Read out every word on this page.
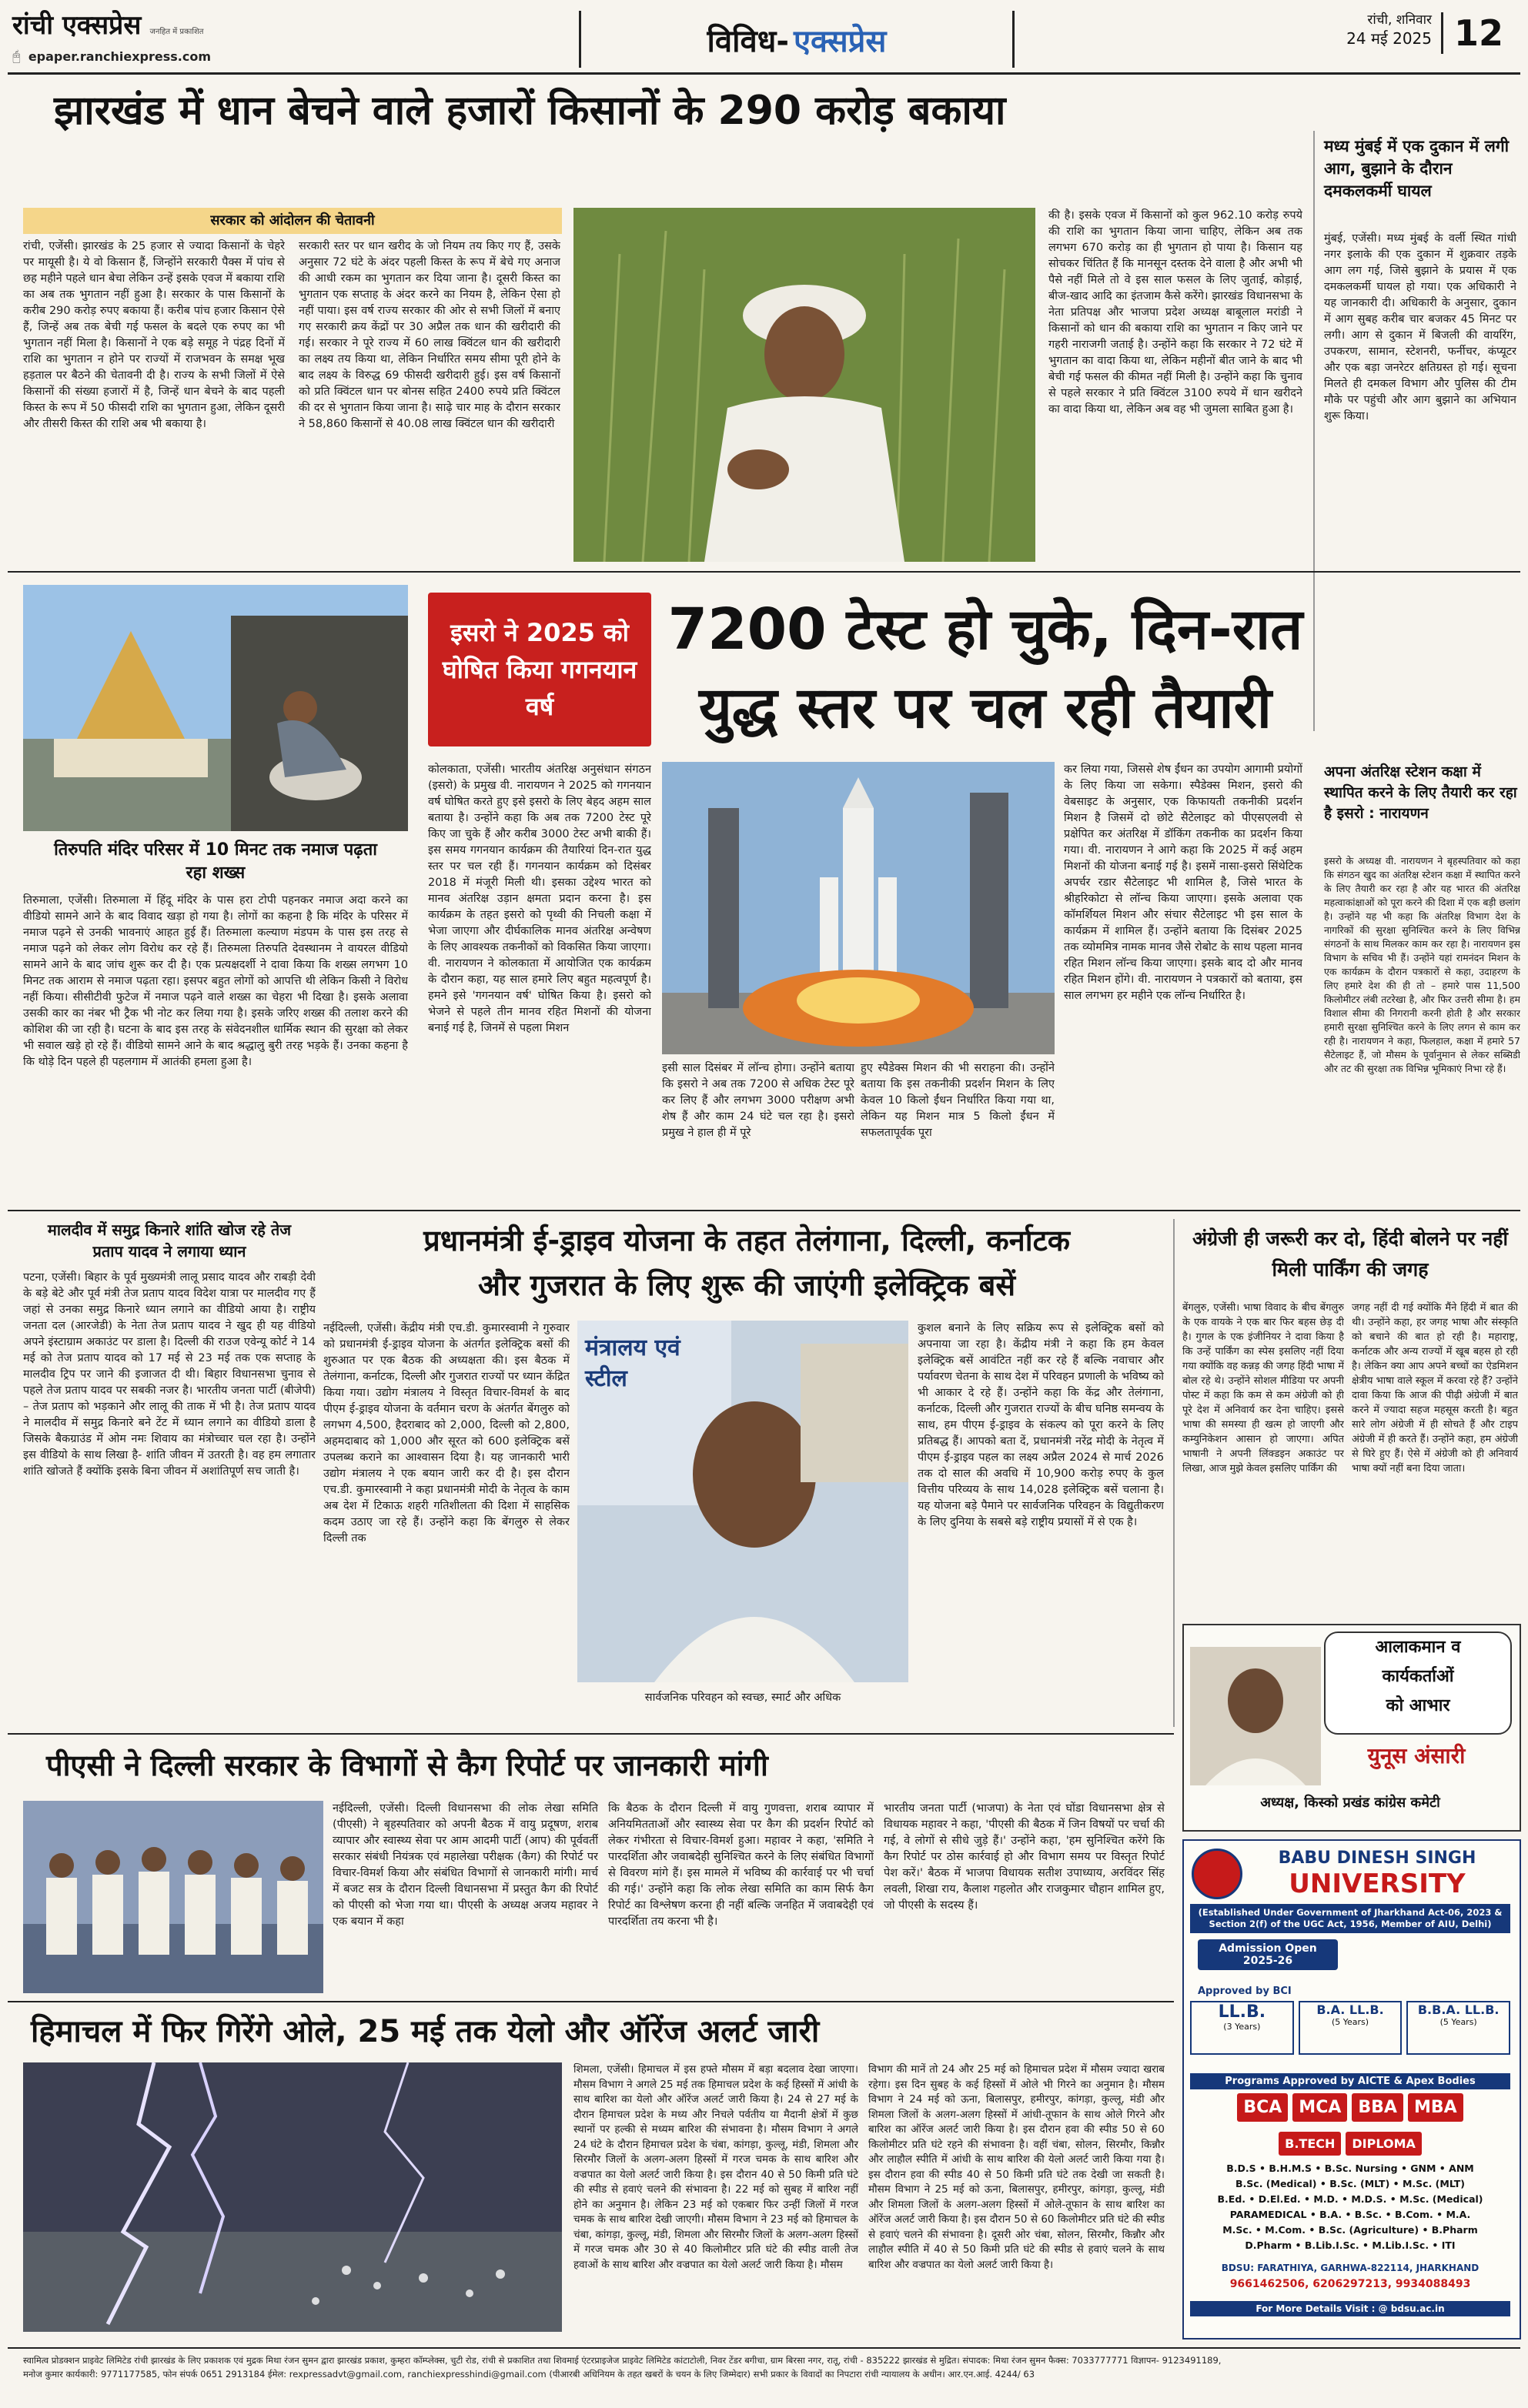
रांची एक्सप्रेस जनहित में प्रकाशित
🖰 epaper.ranchiexpress.com	विविध- एक्सप्रेस
रांची, शनिवार
24 मई 2025 12
झारखंड में धान बेचने वाले हजारों किसानों के 290 करोड़ बकाया
सरकार को आंदोलन की चेतावनी
रांची, एजेंसी। झारखंड के 25 हजार से ज्यादा किसानों के चेहरे पर मायूसी है। ये वो किसान हैं, जिन्होंने सरकारी पैक्स में पांच से छह महीने पहले धान बेचा लेकिन उन्हें इसके एवज में बकाया राशि का अब तक भुगतान नहीं हुआ है। सरकार के पास किसानों के करीब 290 करोड़ रुपए बकाया हैं। करीब पांच हजार किसान ऐसे हैं, जिन्हें अब तक बेची गई फसल के बदले एक रुपए का भी भुगतान नहीं मिला है। किसानों ने एक बड़े समूह ने पंद्रह दिनों में राशि का भुगतान न होने पर राज्यों में राजभवन के समक्ष भूख हड़ताल पर बैठने की चेतावनी दी है। राज्य के सभी जिलों में ऐसे किसानों की संख्या हजारों में है, जिन्हें धान बेचने के बाद पहली किस्त के रूप में 50 फीसदी राशि का भुगतान हुआ, लेकिन दूसरी और तीसरी किस्त की राशि अब भी बकाया है।
सरकारी स्तर पर धान खरीद के जो नियम तय किए गए हैं, उसके अनुसार 72 घंटे के अंदर पहली किस्त के रूप में बेचे गए अनाज की आधी रकम का भुगतान कर दिया जाना है। दूसरी किस्त का भुगतान एक सप्ताह के अंदर करने का नियम है, लेकिन ऐसा हो नहीं पाया। इस वर्ष राज्य सरकार की ओर से सभी जिलों में बनाए गए सरकारी क्रय केंद्रों पर 30 अप्रैल तक धान की खरीदारी की गई। सरकार ने पूरे राज्य में 60 लाख क्विंटल धान की खरीदारी का लक्ष्य तय किया था, लेकिन निर्धारित समय सीमा पूरी होने के बाद लक्ष्य के विरुद्ध 69 फीसदी खरीदारी हुई। इस वर्ष किसानों को प्रति क्विंटल धान पर बोनस सहित 2400 रुपये प्रति क्विंटल की दर से भुगतान किया जाना है। साढ़े चार माह के दौरान सरकार ने 58,860 किसानों से 40.08 लाख क्विंटल धान की खरीदारी
की है। इसके एवज में किसानों को कुल 962.10 करोड़ रुपये की राशि का भुगतान किया जाना चाहिए, लेकिन अब तक लगभग 670 करोड़ का ही भुगतान हो पाया है। किसान यह सोचकर चिंतित हैं कि मानसून दस्तक देने वाला है और अभी भी पैसे नहीं मिले तो वे इस साल फसल के लिए जुताई, कोड़ाई, बीज-खाद आदि का इंतजाम कैसे करेंगे। झारखंड विधानसभा के नेता प्रतिपक्ष और भाजपा प्रदेश अध्यक्ष बाबूलाल मरांडी ने किसानों को धान की बकाया राशि का भुगतान न किए जाने पर गहरी नाराजगी जताई है। उन्होंने कहा कि सरकार ने 72 घंटे में भुगतान का वादा किया था, लेकिन महीनों बीत जाने के बाद भी बेची गई फसल की कीमत नहीं मिली है। उन्होंने कहा कि चुनाव से पहले सरकार ने प्रति क्विंटल 3100 रुपये में धान खरीदने का वादा किया था, लेकिन अब वह भी जुमला साबित हुआ है।
मध्य मुंबई में एक दुकान में लगी आग, बुझाने के दौरान दमकलकर्मी घायल
मुंबई, एजेंसी। मध्य मुंबई के वर्ली स्थित गांधी नगर इलाके की एक दुकान में शुक्रवार तड़के आग लग गई, जिसे बुझाने के प्रयास में एक दमकलकर्मी घायल हो गया। एक अधिकारी ने यह जानकारी दी। अधिकारी के अनुसार, दुकान में आग सुबह करीब चार बजकर 45 मिनट पर लगी। आग से दुकान में बिजली की वायरिंग, उपकरण, सामान, स्टेशनरी, फर्नीचर, कंप्यूटर और एक बड़ा जनरेटर क्षतिग्रस्त हो गई। सूचना मिलते ही दमकल विभाग और पुलिस की टीम मौके पर पहुंची और आग बुझाने का अभियान शुरू किया।
तिरुपति मंदिर परिसर में 10 मिनट तक नमाज पढ़ता रहा शख्स
तिरुमाला, एजेंसी। तिरुमाला में हिंदू मंदिर के पास हरा टोपी पहनकर नमाज अदा करने का वीडियो सामने आने के बाद विवाद खड़ा हो गया है। लोगों का कहना है कि मंदिर के परिसर में नमाज पढ़ने से उनकी भावनाएं आहत हुई हैं। तिरुमाला कल्याण मंडपम के पास इस तरह से नमाज पढ़ने को लेकर लोग विरोध कर रहे हैं। तिरुमला तिरुपति देवस्थानम ने वायरल वीडियो सामने आने के बाद जांच शुरू कर दी है। एक प्रत्यक्षदर्शी ने दावा किया कि शख्स लगभग 10 मिनट तक आराम से नमाज पढ़ता रहा। इसपर बहुत लोगों को आपत्ति थी लेकिन किसी ने विरोध नहीं किया। सीसीटीवी फुटेज में नमाज पढ़ने वाले शख्स का चेहरा भी दिखा है। इसके अलावा उसकी कार का नंबर भी ट्रैक भी नोट कर लिया गया है। इसके जरिए शख्स की तलाश करने की कोशिश की जा रही है। घटना के बाद इस तरह के संवेदनशील धार्मिक स्थान की सुरक्षा को लेकर भी सवाल खड़े हो रहे हैं। वीडियो सामने आने के बाद श्रद्धालु बुरी तरह भड़के हैं। उनका कहना है कि थोड़े दिन पहले ही पहलगाम में आतंकी हमला हुआ है।
इसरो ने 2025 को घोषित किया गगनयान वर्ष
7200 टेस्ट हो चुके, दिन-रात
युद्ध स्तर पर चल रही तैयारी
कोलकाता, एजेंसी। भारतीय अंतरिक्ष अनुसंधान संगठन (इसरो) के प्रमुख वी. नारायणन ने 2025 को गगनयान वर्ष घोषित करते हुए इसे इसरो के लिए बेहद अहम साल बताया है। उन्होंने कहा कि अब तक 7200 टेस्ट पूरे किए जा चुके हैं और करीब 3000 टेस्ट अभी बाकी हैं। इस समय गगनयान कार्यक्रम की तैयारियां दिन-रात युद्ध स्तर पर चल रही हैं। गगनयान कार्यक्रम को दिसंबर 2018 में मंजूरी मिली थी। इसका उद्देश्य भारत को मानव अंतरिक्ष उड़ान क्षमता प्रदान करना है। इस कार्यक्रम के तहत इसरो को पृथ्वी की निचली कक्षा में भेजा जाएगा और दीर्घकालिक मानव अंतरिक्ष अन्वेषण के लिए आवश्यक तकनीकों को विकसित किया जाएगा। वी. नारायणन ने कोलकाता में आयोजित एक कार्यक्रम के दौरान कहा, यह साल हमारे लिए बहुत महत्वपूर्ण है। हमने इसे 'गगनयान वर्ष' घोषित किया है। इसरो को भेजने से पहले तीन मानव रहित मिशनों की योजना बनाई गई है, जिनमें से पहला मिशन
इसी साल दिसंबर में लॉन्च होगा। उन्होंने बताया कि इसरो ने अब तक 7200 से अधिक टेस्ट पूरे कर लिए हैं और लगभग 3000 परीक्षण अभी शेष हैं और काम 24 घंटे चल रहा है। इसरो प्रमुख ने हाल ही में पूरे
हुए स्पैडेक्स मिशन की भी सराहना की। उन्होंने बताया कि इस तकनीकी प्रदर्शन मिशन के लिए केवल 10 किलो ईंधन निर्धारित किया गया था, लेकिन यह मिशन मात्र 5 किलो ईंधन में सफलतापूर्वक पूरा
कर लिया गया, जिससे शेष ईंधन का उपयोग आगामी प्रयोगों के लिए किया जा सकेगा। स्पैडेक्स मिशन, इसरो की वेबसाइट के अनुसार, एक किफायती तकनीकी प्रदर्शन मिशन है जिसमें दो छोटे सैटेलाइट को पीएसएलवी से प्रक्षेपित कर अंतरिक्ष में डॉकिंग तकनीक का प्रदर्शन किया गया। वी. नारायणन ने आगे कहा कि 2025 में कई अहम मिशनों की योजना बनाई गई है। इसमें नासा-इसरो सिंथेटिक अपर्चर रडार सैटेलाइट भी शामिल है, जिसे भारत के श्रीहरिकोटा से लॉन्च किया जाएगा। इसके अलावा एक कॉमर्शियल मिशन और संचार सैटेलाइट भी इस साल के कार्यक्रम में शामिल हैं। उन्होंने बताया कि दिसंबर 2025 तक व्योममित्र नामक मानव जैसे रोबोट के साथ पहला मानव रहित मिशन लॉन्च किया जाएगा। इसके बाद दो और मानव रहित मिशन होंगे। वी. नारायणन ने पत्रकारों को बताया, इस साल लगभग हर महीने एक लॉन्च निर्धारित है।
अपना अंतरिक्ष स्टेशन कक्षा में स्थापित करने के लिए तैयारी कर रहा है इसरो : नारायणन
इसरो के अध्यक्ष वी. नारायणन ने बृहस्पतिवार को कहा कि संगठन खुद का अंतरिक्ष स्टेशन कक्षा में स्थापित करने के लिए तैयारी कर रहा है और यह भारत की अंतरिक्ष महत्वाकांक्षाओं को पूरा करने की दिशा में एक बड़ी छलांग है। उन्होंने यह भी कहा कि अंतरिक्ष विभाग देश के नागरिकों की सुरक्षा सुनिश्चित करने के लिए विभिन्न संगठनों के साथ मिलकर काम कर रहा है। नारायणन इस विभाग के सचिव भी हैं। उन्होंने यहां रामनंदन मिशन के एक कार्यक्रम के दौरान पत्रकारों से कहा, उदाहरण के लिए हमारे देश की ही तो – हमारे पास 11,500 किलोमीटर लंबी तटरेखा है, और फिर उत्तरी सीमा है। हम विशाल सीमा की निगरानी करनी होती है और सरकार हमारी सुरक्षा सुनिश्चित करने के लिए लगन से काम कर रही है। नारायणन ने कहा, फिलहाल, कक्षा में हमारे 57 सैटेलाइट हैं, जो मौसम के पूर्वानुमान से लेकर सब्सिडी और तट की सुरक्षा तक विभिन्न भूमिकाएं निभा रहे हैं।
मालदीव में समुद्र किनारे शांति खोज रहे तेज प्रताप यादव ने लगाया ध्यान
पटना, एजेंसी। बिहार के पूर्व मुख्यमंत्री लालू प्रसाद यादव और राबड़ी देवी के बड़े बेटे और पूर्व मंत्री तेज प्रताप यादव विदेश यात्रा पर मालदीव गए हैं जहां से उनका समुद्र किनारे ध्यान लगाने का वीडियो आया है। राष्ट्रीय जनता दल (आरजेडी) के नेता तेज प्रताप यादव ने खुद ही यह वीडियो अपने इंस्टाग्राम अकाउंट पर डाला है। दिल्ली की राउज एवेन्यू कोर्ट ने 14 मई को तेज प्रताप यादव को 17 मई से 23 मई तक एक सप्ताह के मालदीव ट्रिप पर जाने की इजाजत दी थी। बिहार विधानसभा चुनाव से पहले तेज प्रताप यादव पर सबकी नजर है। भारतीय जनता पार्टी (बीजेपी) – तेज प्रताप को भड़काने और लालू की ताक में भी है। तेज प्रताप यादव ने मालदीव में समुद्र किनारे बने टेंट में ध्यान लगाने का वीडियो डाला है जिसके बैकग्राउंड में ओम नमः शिवाय का मंत्रोच्चार चल रहा है। उन्होंने इस वीडियो के साथ लिखा है- शांति जीवन में उतरती है। वह हम लगातार शांति खोजते हैं क्योंकि इसके बिना जीवन में अशांतिपूर्ण सच जाती है।
प्रधानमंत्री ई-ड्राइव योजना के तहत तेलंगाना, दिल्ली, कर्नाटक
और गुजरात के लिए शुरू की जाएंगी इलेक्ट्रिक बसें
नईदिल्ली, एजेंसी। केंद्रीय मंत्री एच.डी. कुमारस्वामी ने गुरुवार को प्रधानमंत्री ई-ड्राइव योजना के अंतर्गत इलेक्ट्रिक बसों की शुरुआत पर एक बैठक की अध्यक्षता की। इस बैठक में तेलंगाना, कर्नाटक, दिल्ली और गुजरात राज्यों पर ध्यान केंद्रित किया गया। उद्योग मंत्रालय ने विस्तृत विचार-विमर्श के बाद पीएम ई-ड्राइव योजना के वर्तमान चरण के अंतर्गत बेंगलुरु को लगभग 4,500, हैदराबाद को 2,000, दिल्ली को 2,800, अहमदाबाद को 1,000 और सूरत को 600 इलेक्ट्रिक बसें उपलब्ध कराने का आश्वासन दिया है। यह जानकारी भारी उद्योग मंत्रालय ने एक बयान जारी कर दी है। इस दौरान एच.डी. कुमारस्वामी ने कहा प्रधानमंत्री मोदी के नेतृत्व के काम अब देश में टिकाऊ शहरी गतिशीलता की दिशा में साहसिक कदम उठाए जा रहे हैं। उन्होंने कहा कि बेंगलुरु से लेकर दिल्ली तक
मंत्रालय एवं स्टील
सार्वजनिक परिवहन को स्वच्छ, स्मार्ट और अधिक
कुशल बनाने के लिए सक्रिय रूप से इलेक्ट्रिक बसों को अपनाया जा रहा है। केंद्रीय मंत्री ने कहा कि हम केवल इलेक्ट्रिक बसें आवंटित नहीं कर रहे हैं बल्कि नवाचार और पर्यावरण चेतना के साथ देश में परिवहन प्रणाली के भविष्य को भी आकार दे रहे हैं। उन्होंने कहा कि केंद्र और तेलंगाना, कर्नाटक, दिल्ली और गुजरात राज्यों के बीच घनिष्ठ समन्वय के साथ, हम पीएम ई-ड्राइव के संकल्प को पूरा करने के लिए प्रतिबद्ध हैं। आपको बता दें, प्रधानमंत्री नरेंद्र मोदी के नेतृत्व में पीएम ई-ड्राइव पहल का लक्ष्य अप्रैल 2024 से मार्च 2026 तक दो साल की अवधि में 10,900 करोड़ रुपए के कुल वित्तीय परिव्यय के साथ 14,028 इलेक्ट्रिक बसें चलाना है। यह योजना बड़े पैमाने पर सार्वजनिक परिवहन के विद्युतीकरण के लिए दुनिया के सबसे बड़े राष्ट्रीय प्रयासों में से एक है।
अंग्रेजी ही जरूरी कर दो, हिंदी बोलने पर नहीं मिली पार्किंग की जगह
बेंगलुरु, एजेंसी। भाषा विवाद के बीच बेंगलुरु के एक वायके ने एक बार फिर बहस छेड़ दी है। गुगल के एक इंजीनियर ने दावा किया है कि उन्हें पार्किंग का स्पेस इसलिए नहीं दिया गया क्योंकि वह कन्नड़ की जगह हिंदी भाषा में बोल रहे थे। उन्होंने सोशल मीडिया पर अपनी पोस्ट में कहा कि कम से कम अंग्रेजी को ही पूरे देश में अनिवार्य कर देना चाहिए। इससे भाषा की समस्या ही खत्म हो जाएगी और कम्युनिकेशन आसान हो जाएगा। अपित भाषानी ने अपनी लिंक्डइन अकाउंट पर लिखा, आज मुझे केवल इसलिए पार्किंग की
जगह नहीं दी गई क्योंकि मैंने हिंदी में बात की थी। उन्होंने कहा, हर जगह भाषा और संस्कृति को बचाने की बात हो रही है। महाराष्ट्र, कर्नाटक और अन्य राज्यों में खूब बहस हो रही है। लेकिन क्या आप अपने बच्चों का ऐडमिशन क्षेत्रीय भाषा वाले स्कूल में करवा रहे हैं? उन्होंने दावा किया कि आज की पीढ़ी अंग्रेजी में बात करने में ज्यादा सहज महसूस करती है। बहुत सारे लोग अंग्रेजी में ही सोचते हैं और टाइप अंग्रेजी में ही करते हैं। उन्होंने कहा, हम अंग्रेजी से घिरे हुए हैं। ऐसे में अंग्रेजी को ही अनिवार्य भाषा क्यों नहीं बना दिया जाता।
आलाकमान व
कार्यकर्ताओं
को आभार
युनूस अंसारी
अध्यक्ष, किस्को प्रखंड कांग्रेस कमेटी
पीएसी ने दिल्ली सरकार के विभागों से कैग रिपोर्ट पर जानकारी मांगी
नईदिल्ली, एजेंसी। दिल्ली विधानसभा की लोक लेखा समिति (पीएसी) ने बृहस्पतिवार को अपनी बैठक में वायु प्रदूषण, शराब व्यापार और स्वास्थ्य सेवा पर आम आदमी पार्टी (आप) की पूर्ववर्ती सरकार संबंधी नियंत्रक एवं महालेखा परीक्षक (कैग) की रिपोर्ट पर विचार-विमर्श किया और संबंधित विभागों से जानकारी मांगी। मार्च में बजट सत्र के दौरान दिल्ली विधानसभा में प्रस्तुत कैग की रिपोर्ट को पीएसी को भेजा गया था। पीएसी के अध्यक्ष अजय महावर ने एक बयान में कहा
कि बैठक के दौरान दिल्ली में वायु गुणवत्ता, शराब व्यापार में अनियमितताओं और स्वास्थ्य सेवा पर कैग की प्रदर्शन रिपोर्ट को लेकर गंभीरता से विचार-विमर्श हुआ। महावर ने कहा, 'समिति ने पारदर्शिता और जवाबदेही सुनिश्चित करने के लिए संबंधित विभागों से विवरण मांगे हैं। इस मामले में भविष्य की कार्रवाई पर भी चर्चा की गई।' उन्होंने कहा कि लोक लेखा समिति का काम सिर्फ कैग रिपोर्ट का विश्लेषण करना ही नहीं बल्कि जनहित में जवाबदेही एवं पारदर्शिता तय करना भी है।
भारतीय जनता पार्टी (भाजपा) के नेता एवं घोंडा विधानसभा क्षेत्र से विधायक महावर ने कहा, 'पीएसी की बैठक में जिन विषयों पर चर्चा की गई, वे लोगों से सीधे जुड़े हैं।' उन्होंने कहा, 'हम सुनिश्चित करेंगे कि कैग रिपोर्ट पर ठोस कार्रवाई हो और विभाग समय पर विस्तृत रिपोर्ट पेश करें।' बैठक में भाजपा विधायक सतीश उपाध्याय, अरविंदर सिंह लवली, शिखा राय, कैलाश गहलोत और राजकुमार चौहान शामिल हुए, जो पीएसी के सदस्य हैं।
हिमाचल में फिर गिरेंगे ओले, 25 मई तक येलो और ऑरेंज अलर्ट जारी
शिमला, एजेंसी। हिमाचल में इस हफ्ते मौसम में बड़ा बदलाव देखा जाएगा। मौसम विभाग ने अगले 25 मई तक हिमाचल प्रदेश के कई हिस्सों में आंधी के साथ बारिश का येलो और ऑरेंज अलर्ट जारी किया है। 24 से 27 मई के दौरान हिमाचल प्रदेश के मध्य और निचले पर्वतीय या मैदानी क्षेत्रों में कुछ स्थानों पर हल्की से मध्यम बारिश की संभावना है। मौसम विभाग ने अगले 24 घंटे के दौरान हिमाचल प्रदेश के चंबा, कांगड़ा, कुल्लू, मंडी, शिमला और सिरमौर जिलों के अलग-अलग हिस्सों में गरज चमक के साथ बारिश और वज्रपात का येलो अलर्ट जारी किया है। इस दौरान 40 से 50 किमी प्रति घंटे की स्पीड से हवाएं चलने की संभावना है। 22 मई को सुबह में बारिश नहीं होने का अनुमान है। लेकिन 23 मई को एकबार फिर उन्हीं जिलों में गरज चमक के साथ बारिश देखी जाएगी। मौसम विभाग ने 23 मई को हिमाचल के चंबा, कांगड़ा, कुल्लू, मंडी, शिमला और सिरमौर जिलों के अलग-अलग हिस्सों में गरज चमक और 30 से 40 किलोमीटर प्रति घंटे की स्पीड वाली तेज हवाओं के साथ बारिश और वज्रपात का येलो अलर्ट जारी किया है। मौसम
विभाग की मानें तो 24 और 25 मई को हिमाचल प्रदेश में मौसम ज्यादा खराब रहेगा। इस दिन सुबह के कई हिस्सों में ओले भी गिरने का अनुमान है। मौसम विभाग ने 24 मई को ऊना, बिलासपुर, हमीरपुर, कांगड़ा, कुल्लू, मंडी और शिमला जिलों के अलग-अलग हिस्सों में आंधी-तूफान के साथ ओले गिरने और बारिश का ऑरेंज अलर्ट जारी किया है। इस दौरान हवा की स्पीड 50 से 60 किलोमीटर प्रति घंटे रहने की संभावना है। वहीं चंबा, सोलन, सिरमौर, किन्नौर और लाहौल स्पीति में आंधी के साथ बारिश की येलो अलर्ट जारी किया गया है। इस दौरान हवा की स्पीड 40 से 50 किमी प्रति घंटे तक देखी जा सकती है। मौसम विभाग ने 25 मई को ऊना, बिलासपुर, हमीरपुर, कांगड़ा, कुल्लू, मंडी और शिमला जिलों के अलग-अलग हिस्सों में ओले-तूफान के साथ बारिश का ऑरेंज अलर्ट जारी किया है। इस दौरान 50 से 60 किलोमीटर प्रति घंटे की स्पीड से हवाएं चलने की संभावना है। दूसरी ओर चंबा, सोलन, सिरमौर, किन्नौर और लाहौल स्पीति में 40 से 50 किमी प्रति घंटे की स्पीड से हवाएं चलने के साथ बारिश और वज्रपात का येलो अलर्ट जारी किया है।
BABU DINESH SINGH
UNIVERSITY
(Established Under Government of Jharkhand Act-06, 2023 & Section 2(f) of the UGC Act, 1956, Member of AIU, Delhi)
Admission Open 2025-26
Approved by BCI
LL.B.
(3 Years)
B.A. LL.B.
(5 Years)
B.B.A. LL.B.
(5 Years)
Programs Approved by AICTE & Apex Bodies
BCA	MCA	BBA	MBA
B.TECH	DIPLOMA
B.D.S • B.H.M.S • B.Sc. Nursing • GNM • ANM
B.Sc. (Medical) • B.Sc. (MLT) • M.Sc. (MLT)
B.Ed. • D.El.Ed. • M.D. • M.D.S. • M.Sc. (Medical)
PARAMEDICAL • B.A. • B.Sc. • B.Com. • M.A.
M.Sc. • M.Com. • B.Sc. (Agriculture) • B.Pharm
D.Pharm • B.Lib.I.Sc. • M.Lib.I.Sc. • ITI
BDSU: FARATHIYA, GARHWA-822114, JHARKHAND
9661462506, 6206297213, 9934088493
For More Details Visit : @ bdsu.ac.in
स्वामित्व प्रोडक्शन प्राइवेट लिमिटेड रांची झारखंड के लिए प्रकाशक एवं मुद्रक मिथा रंजन सुमन द्वारा झारखंड प्रकाश, कुम्हरा कॉम्प्लेक्स, चुटी रोड, रांची से प्रकाशित तथा शिवमाई एंटरप्राइजेज प्राइवेट लिमिटेड कांटाटोली, निवर टेंडर बगीचा, ग्राम बिरसा नगर, रातू, रांची - 835222 झारखंड से मुद्रित। संपादक: मिथा रंजन सुमन फैक्स: 7033777771 विज्ञापन- 9123491189,
मनोज कुमार कार्यकारी: 9771177585, फोन संपर्क 0651 2913184 ईमेल: rexpressadvt@gmail.com, ranchiexpresshindi@gmail.com (पीआरबी अधिनियम के तहत खबरों के चयन के लिए जिम्मेदार) सभी प्रकार के विवादों का निपटारा रांची न्यायालय के अधीन। आर.एन.आई. 4244/ 63
